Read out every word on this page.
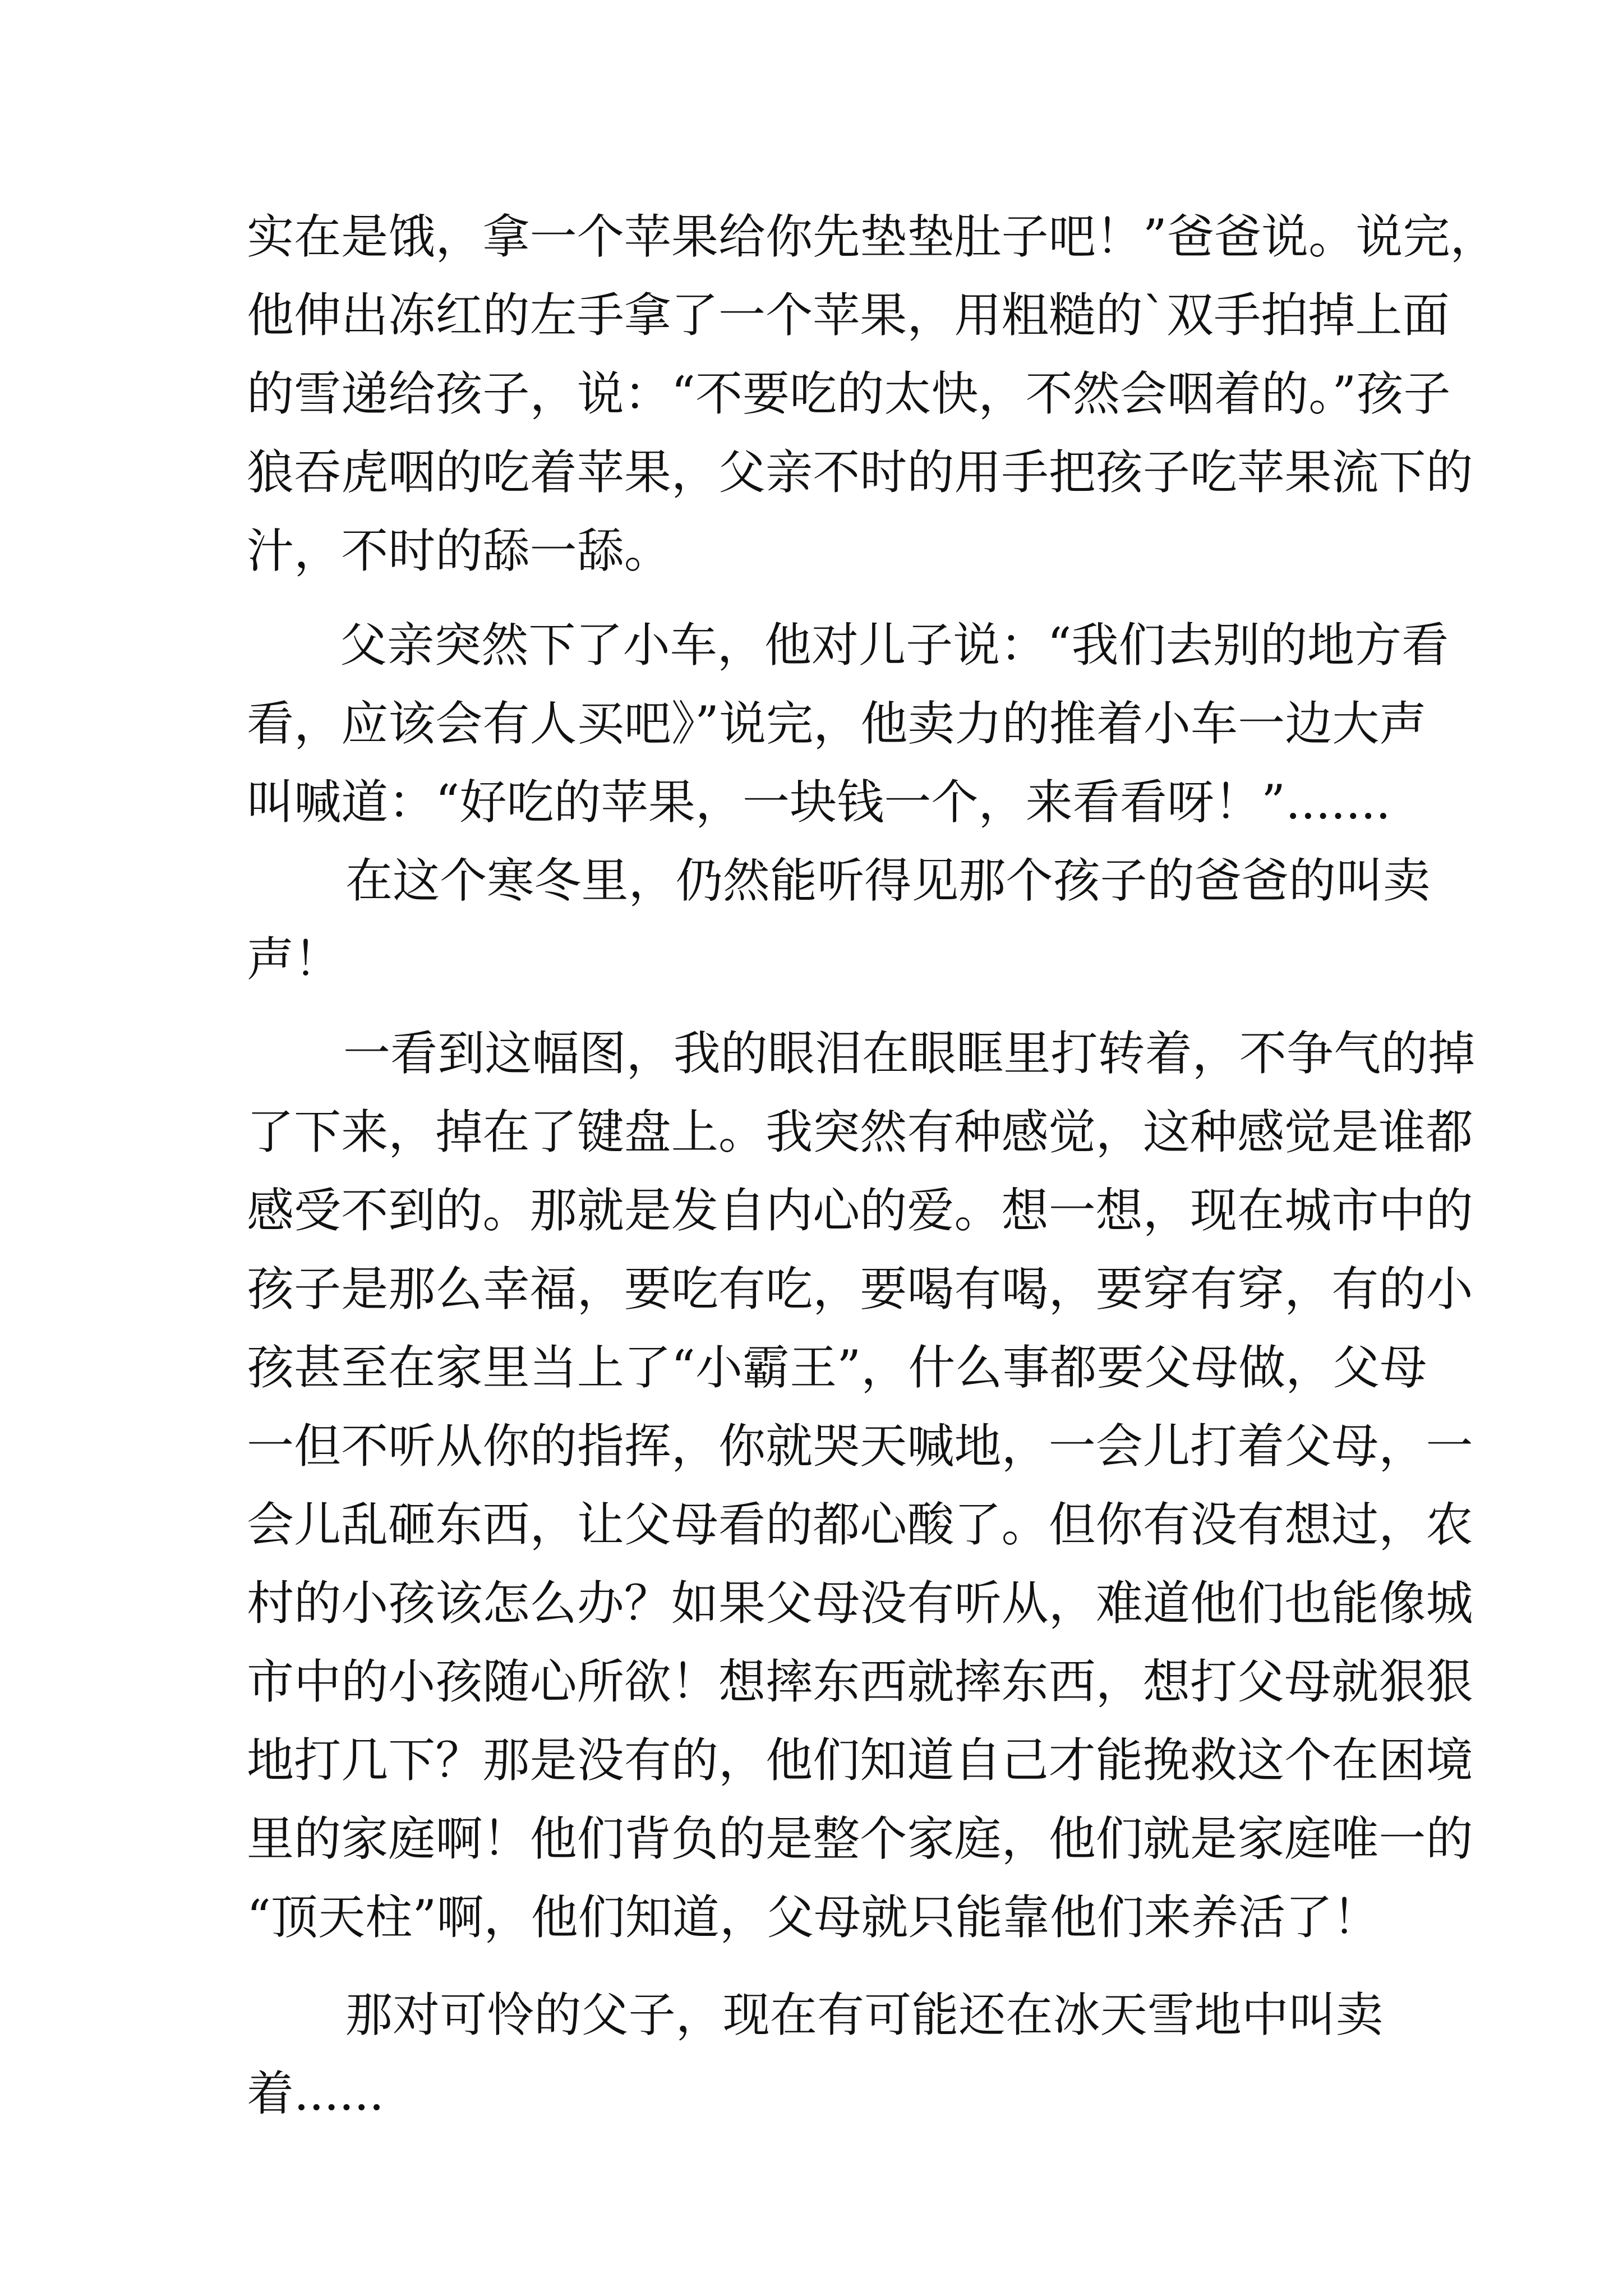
实在是饿，拿一个苹果给你先垫垫肚子吧！”爸爸说。说完，
他伸出冻红的左手拿了一个苹果，用粗糙的`双手拍掉上面
的雪递给孩子，说：“不要吃的太快，不然会咽着的。”孩子
狼吞虎咽的吃着苹果，父亲不时的用手把孩子吃苹果流下的
汁，不时的舔一舔。
父亲突然下了小车，他对儿子说：“我们去别的地方看
看，应该会有人买吧》”说完，他卖力的推着小车一边大声
叫喊道：“好吃的苹果，一块钱一个，来看看呀！”.......
在这个寒冬里，仍然能听得见那个孩子的爸爸的叫卖
声！
一看到这幅图，我的眼泪在眼眶里打转着，不争气的掉
了下来，掉在了键盘上。我突然有种感觉，这种感觉是谁都
感受不到的。那就是发自内心的爱。想一想，现在城市中的
孩子是那么幸福，要吃有吃，要喝有喝，要穿有穿，有的小
孩甚至在家里当上了“小霸王”，什么事都要父母做，父母
一但不听从你的指挥，你就哭天喊地，一会儿打着父母，一
会儿乱砸东西，让父母看的都心酸了。但你有没有想过，农
村的小孩该怎么办？如果父母没有听从，难道他们也能像城
市中的小孩随心所欲！想摔东西就摔东西，想打父母就狠狠
地打几下？那是没有的，他们知道自己才能挽救这个在困境
里的家庭啊！他们背负的是整个家庭，他们就是家庭唯一的
“顶天柱”啊，他们知道，父母就只能靠他们来养活了！
那对可怜的父子，现在有可能还在冰天雪地中叫卖
着......
